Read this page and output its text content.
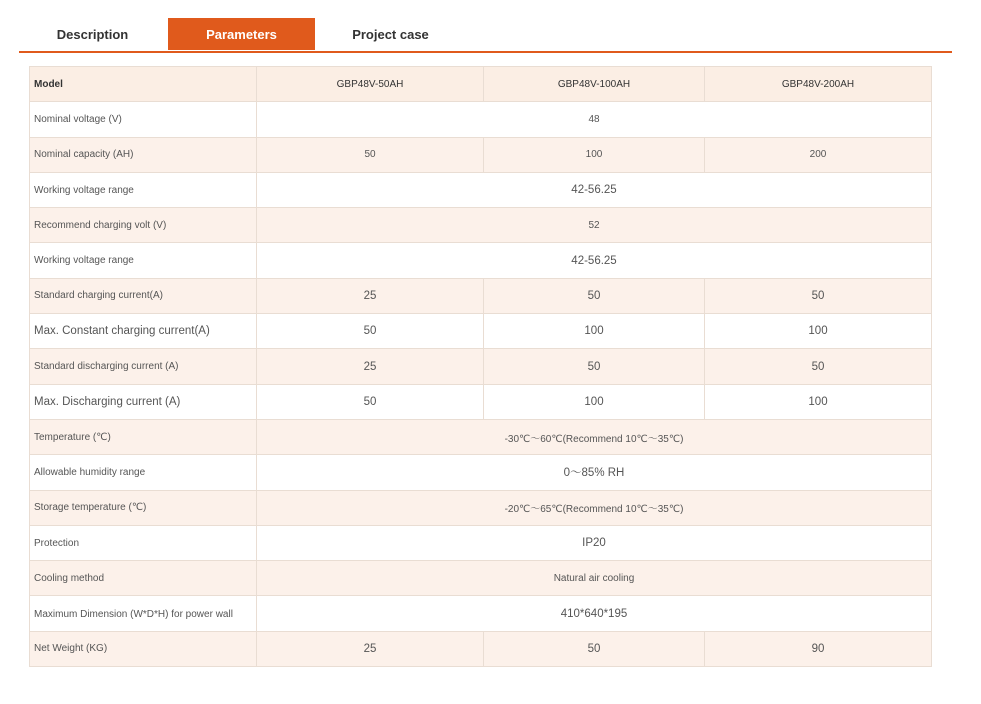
Description	Parameters	Project case
Model	GBP48V-50AH	GBP48V-100AH	GBP48V-200AH
Nominal voltage (V)	48		
Nominal capacity (AH)	50	100	200
Working voltage range	42-56.25		
Recommend charging volt (V)	52		
Working voltage range	42-56.25		
Standard charging current(A)	25	50	50
Max. Constant charging current(A)	50	100	100
Standard discharging current (A)	25	50	50
Max. Discharging current (A)	50	100	100
Temperature (℃)	-30℃～60℃(Recommend 10℃～35℃)		
Allowable humidity range	0～85% RH		
Storage temperature (℃)	-20℃～65℃(Recommend 10℃～35℃)		
Protection	IP20		
Cooling method	Natural air cooling		
Maximum Dimension (W*D*H) for power wall	410*640*195		
Net Weight (KG)	25	50	90
